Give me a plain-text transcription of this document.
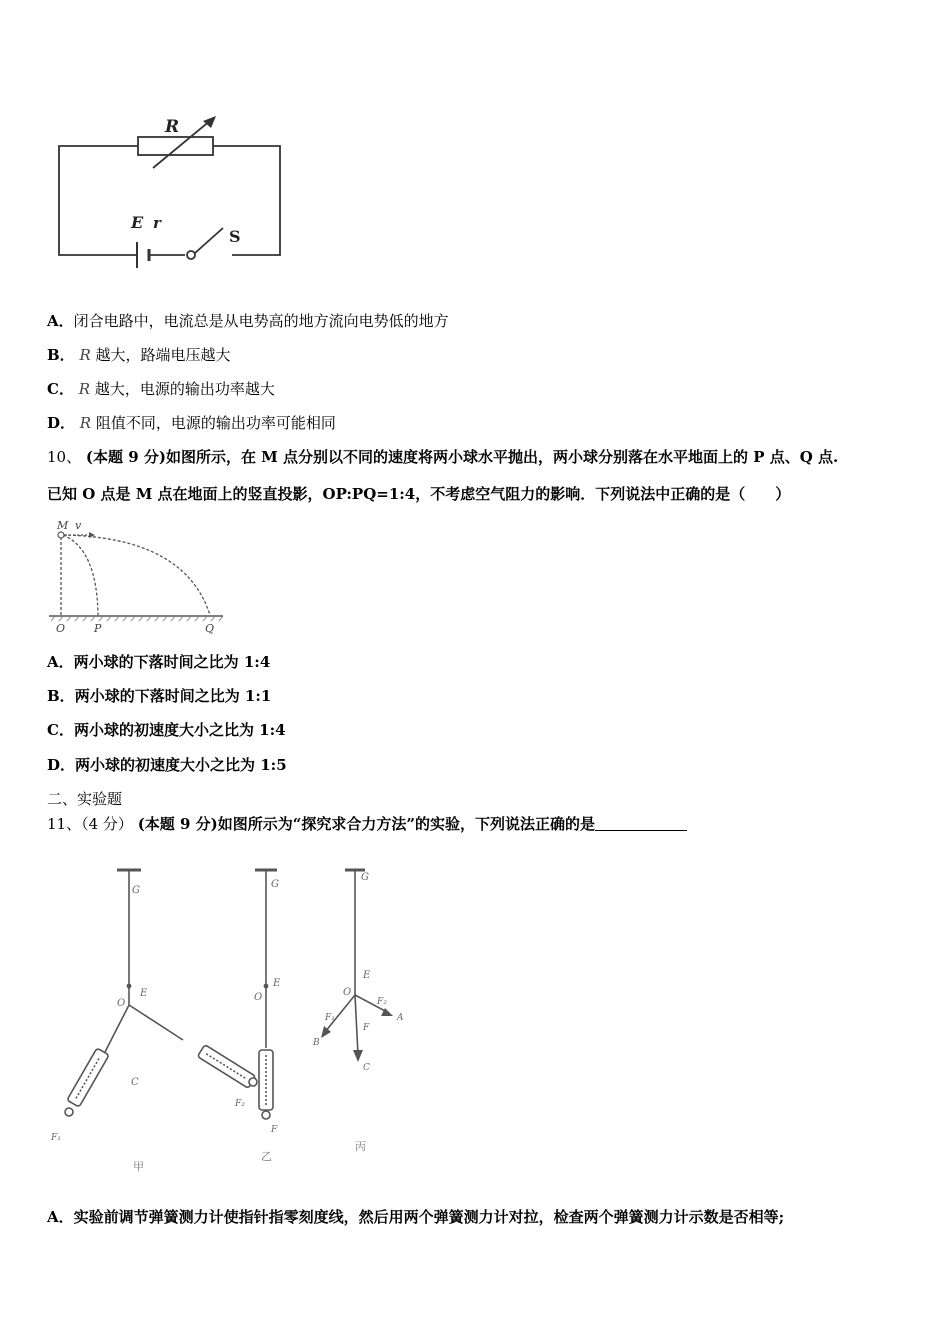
R
E r
S
A．闭合电路中，电流总是从电势高的地方流向电势低的地方
B． R 越大，路端电压越大
C． R 越大，电源的输出功率越大
D． R 阻值不同，电源的输出功率可能相同
10、 (本题 9 分)如图所示，在 M 点分别以不同的速度将两小球水平抛出，两小球分别落在水平地面上的 P 点、Q 点.
已知 O 点是 M 点在地面上的竖直投影，OP:PQ=1:4，不考虑空气阻力的影响．下列说法中正确的是（　　）
M v
O	P	Q
A．两小球的下落时间之比为 1:4
B．两小球的下落时间之比为 1:1
C．两小球的初速度大小之比为 1:4
D．两小球的初速度大小之比为 1:5
二、实验题
11、（4 分） (本题 9 分)如图所示为“探究求合力方法”的实验，下列说法正确的是
G
E
O
C
F₁
F₂
甲
G
E
O
F
乙
G
E
O
F₁
F₂
F
A
B
C
丙
A．实验前调节弹簧测力计使指针指零刻度线，然后用两个弹簧测力计对拉，检查两个弹簧测力计示数是否相等;
